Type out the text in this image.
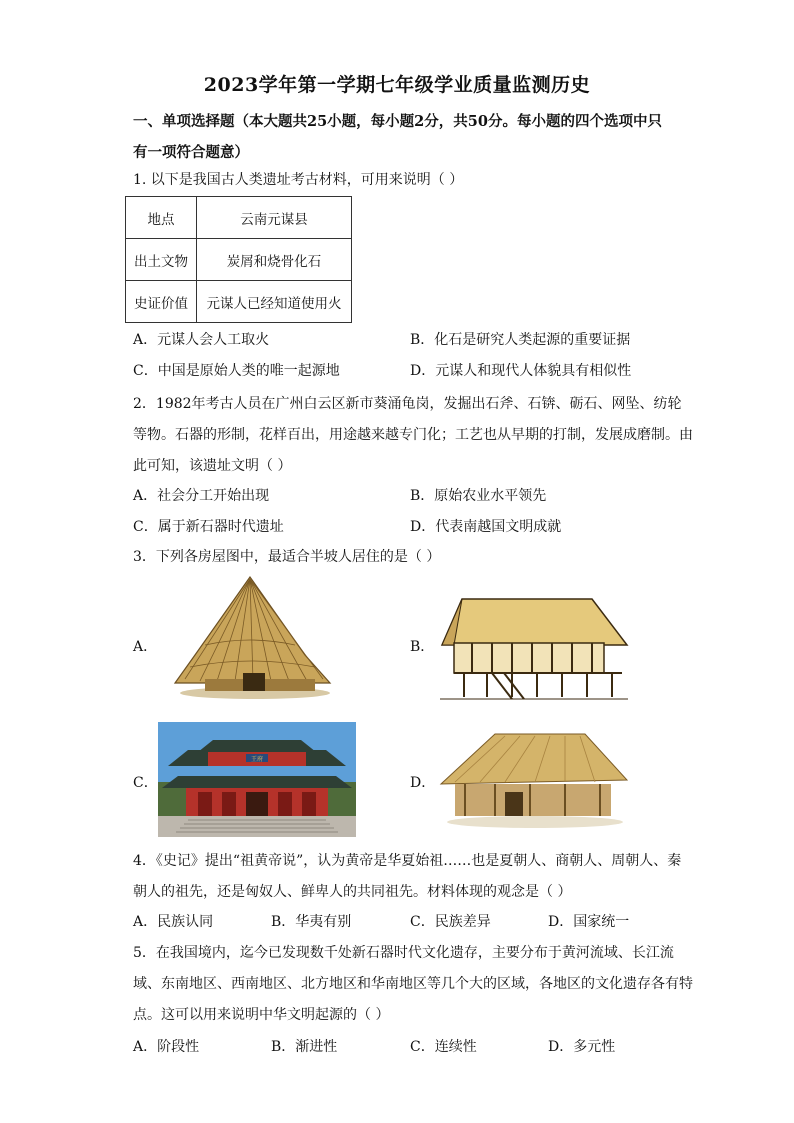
2023学年第一学期七年级学业质量监测历史
一、单项选择题（本大题共25小题，每小题2分，共50分。每小题的四个选项中只有一项符合题意）
1. 以下是我国古人类遗址考古材料，可用来说明（ ）
地点	云南元谋县
出土文物	炭屑和烧骨化石
史证价值	元谋人已经知道使用火
A．元谋人会人工取火	B．化石是研究人类起源的重要证据
C．中国是原始人类的唯一起源地	D．元谋人和现代人体貌具有相似性
2．1982年考古人员在广州白云区新市葵涌龟岗，发掘出石斧、石锛、砺石、网坠、纺轮等物。石器的形制，花样百出，用途越来越专门化；工艺也从早期的打制，发展成磨制。由此可知，该遗址文明（ ）
A．社会分工开始出现	B．原始农业水平领先
C．属于新石器时代遗址	D．代表南越国文明成就
3．下列各房屋图中，最适合半坡人居住的是（ ）
A．	B．
C．
王府
D．
4．《史记》提出“祖黄帝说”，认为黄帝是华夏始祖……也是夏朝人、商朝人、周朝人、秦朝人的祖先，还是匈奴人、鲜卑人的共同祖先。材料体现的观念是（ ）
A．民族认同	B．华夷有别	C．民族差异	D．国家统一
5．在我国境内，迄今已发现数千处新石器时代文化遗存，主要分布于黄河流域、长江流域、东南地区、西南地区、北方地区和华南地区等几个大的区域，各地区的文化遗存各有特点。这可以用来说明中华文明起源的（ ）
A．阶段性	B．渐进性	C．连续性	D．多元性
